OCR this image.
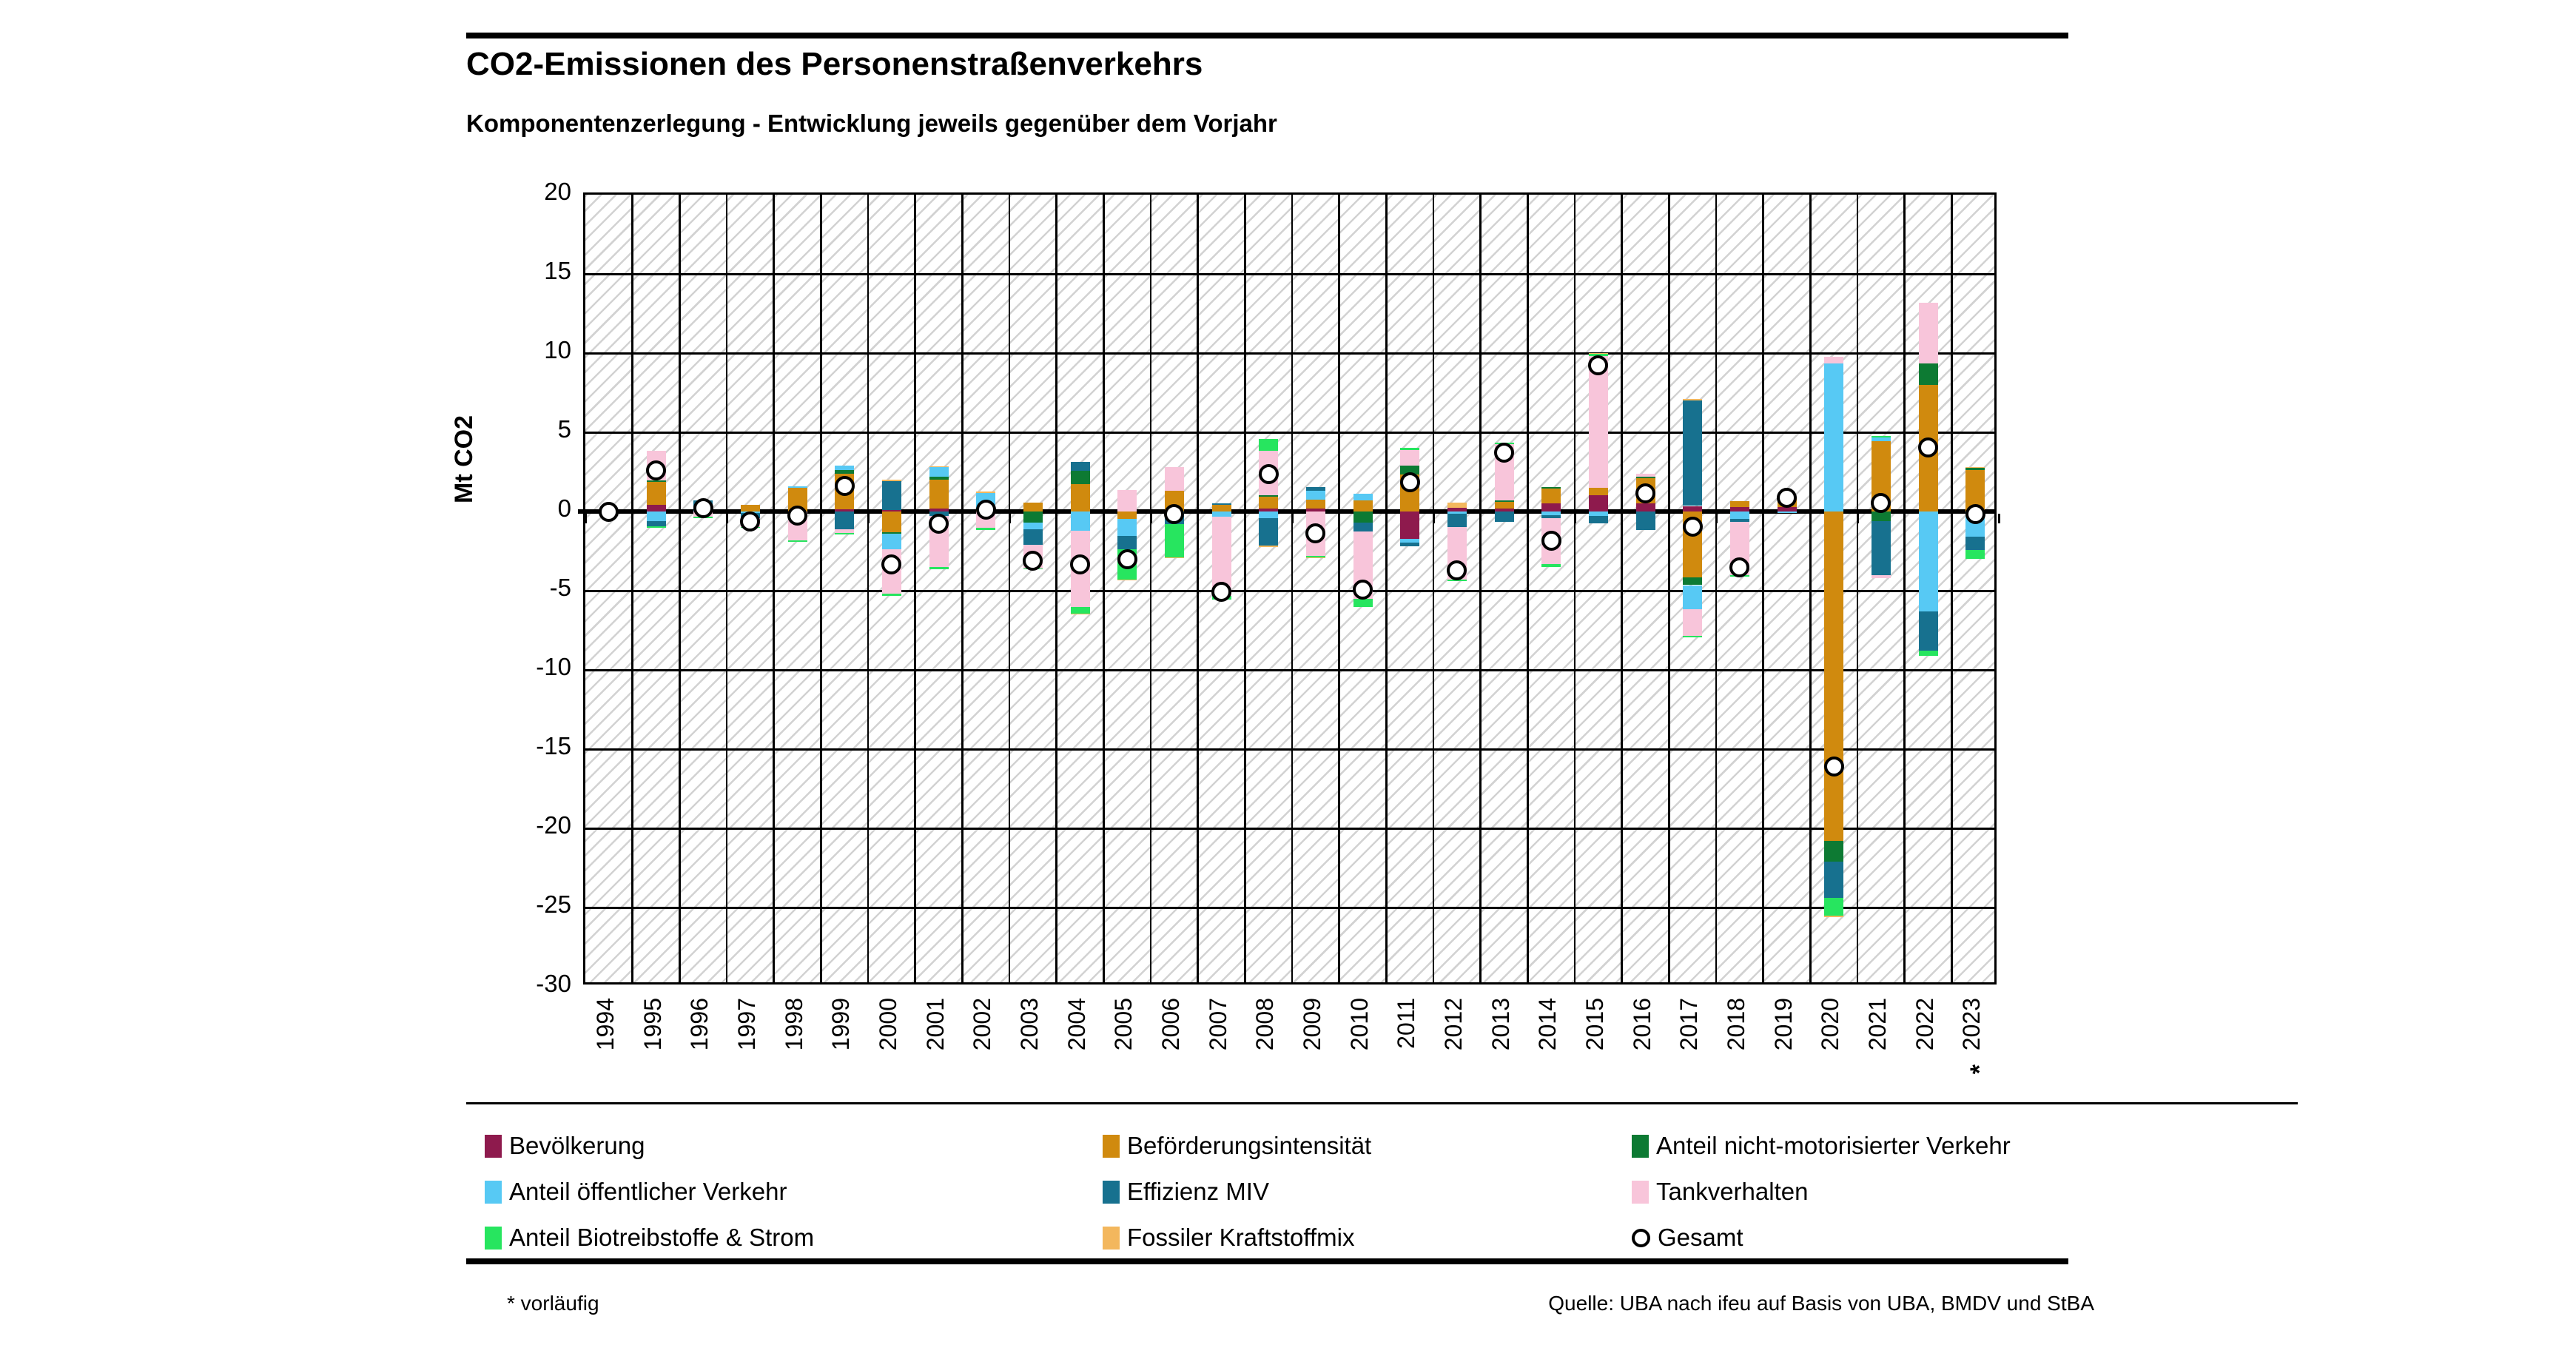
CO2-Emissionen des Personenstraßenverkehrs
Komponentenzerlegung - Entwicklung jeweils gegenüber dem Vorjahr
20
15
10
5
0
-5
-10
-15
-20
-25
-30
Mt CO2
1994 1995 1996 1997 1998 1999 2000 2001 2002 2003 2004 2005 2006 2007 2008 2009 2010 2011 2012 2013 2014 2015 2016 2017 2018 2019 2020 2021 2022 2023
*
Bevölkerung	Beförderungsintensität	Anteil nicht-motorisierter Verkehr
Anteil öffentlicher Verkehr	Effizienz MIV	Tankverhalten
Anteil Biotreibstoffe & Strom	Fossiler Kraftstoffmix	Gesamt
* vorläufig	Quelle: UBA nach ifeu auf Basis von UBA, BMDV und StBA
